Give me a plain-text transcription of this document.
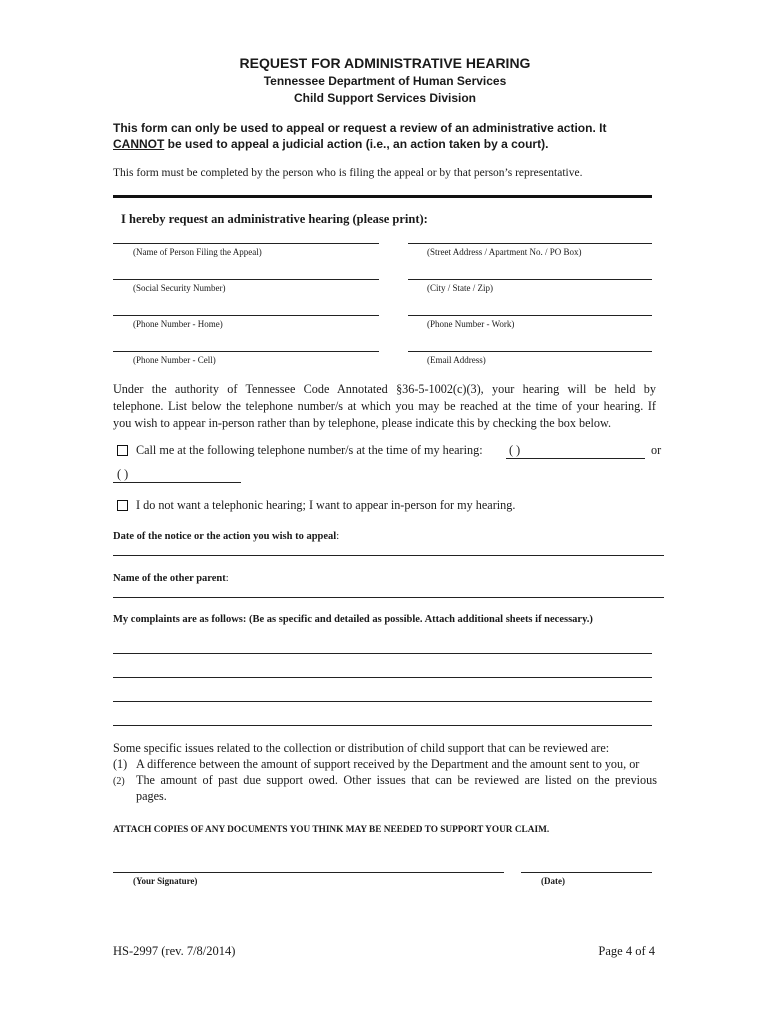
REQUEST FOR ADMINISTRATIVE HEARING
Tennessee Department of Human Services
Child Support Services Division
This form can only be used to appeal or request a review of an administrative action. It
CANNOT be used to appeal a judicial action (i.e., an action taken by a court).
This form must be completed by the person who is filing the appeal or by that person’s representative.
I hereby request an administrative hearing (please print):
(Name of Person Filing the Appeal)	(Street Address / Apartment No. / PO Box)
(Social Security Number)	(City / State / Zip)
(Phone Number - Home)	(Phone Number - Work)
(Phone Number - Cell)	(Email Address)
Under the authority of Tennessee Code Annotated §36-5-1002(c)(3), your hearing will be held by
telephone. List below the telephone number/s at which you may be reached at the time of your hearing. If
you wish to appear in-person rather than by telephone, please indicate this by checking the box below.
Call me at the following telephone number/s at the time of my hearing: ( )	or
( )
I do not want a telephonic hearing; I want to appear in-person for my hearing.
Date of the notice or the action you wish to appeal:
Name of the other parent:
My complaints are as follows: (Be as specific and detailed as possible. Attach additional sheets if necessary.)
Some specific issues related to the collection or distribution of child support that can be reviewed are:
(1) A difference between the amount of support received by the Department and the amount sent to you, or
(2) The amount of past due support owed. Other issues that can be reviewed are listed on the previous
pages.
ATTACH COPIES OF ANY DOCUMENTS YOU THINK MAY BE NEEDED TO SUPPORT YOUR CLAIM.
(Your Signature)	(Date)
HS-2997 (rev. 7/8/2014)	Page 4 of 4
